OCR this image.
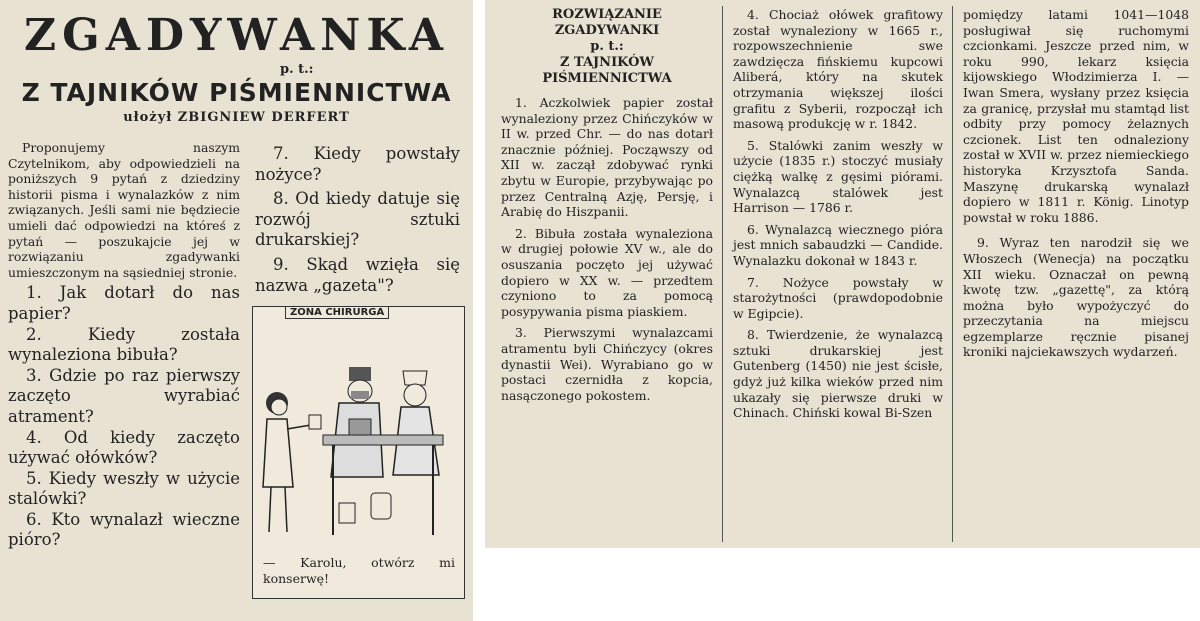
ZGADYWANKA
p. t.:
Z TAJNIKÓW PIŚMIENNICTWA
ułożył ZBIGNIEW DERFERT

Proponujemy naszym Czytelnikom, aby odpowiedzieli na poniższych 9 pytań z dziedziny historii pisma i wynalazków z nim związanych. Jeśli sami nie będziecie umieli dać odpowiedzi na któreś z pytań — poszukajcie jej w rozwiązaniu zgadywanki umieszczonym na sąsiedniej stronie.

1. Jak dotarł do nas papier?

2. Kiedy została wynaleziona bibuła?

3. Gdzie po raz pierwszy zaczęto wyrabiać atrament?

4. Od kiedy zaczęto używać ołówków?

5. Kiedy weszły w użycie stalówki?

6. Kto wynalazł wieczne pióro?

7. Kiedy powstały nożyce?

8. Od kiedy datuje się rozwój sztuki drukarskiej?

9. Skąd wzięła się nazwa „gazeta"?

ŻONA CHIRURGA
— Karolu, otwórz mi konserwę!
ROZWIĄZANIE
ZGADYWANKI
p. t.:
Z TAJNIKÓW
PIŚMIENNICTWA

1. Aczkolwiek papier został wynaleziony przez Chińczyków w II w. przed Chr. — do nas dotarł znacznie później. Począwszy od XII w. zaczął zdobywać rynki zbytu w Europie, przybywając po przez Centralną Azję, Persję, i Arabię do Hiszpanii.

2. Bibuła została wynaleziona w drugiej połowie XV w., ale do osuszania poczęto jej używać dopiero w XX w. — przedtem czyniono to za pomocą posypywania pisma piaskiem.

3. Pierwszymi wynalazcami atramentu byli Chińczycy (okres dynastii Wei). Wyrabiano go w postaci czernidła z kopcia, nasączonego pokostem.

4. Chociaż ołówek grafitowy został wynaleziony w 1665 r., rozpowszechnienie swe zawdzięcza fińskiemu kupcowi Aliberá, który na skutek otrzymania większej ilości grafitu z Syberii, rozpoczął ich masową produkcję w r. 1842.

5. Stalówki zanim weszły w użycie (1835 r.) stoczyć musiały ciężką walkę z gęsimi piórami. Wynalazcą stalówek jest Harrison — 1786 r.

6. Wynalazcą wiecznego pióra jest mnich sabaudzki — Candide. Wynalazku dokonał w 1843 r.

7. Nożyce powstały w starożytności (prawdopodobnie w Egipcie).

8. Twierdzenie, że wynalazcą sztuki drukarskiej jest Gutenberg (1450) nie jest ścisłe, gdyż już kilka wieków przed nim ukazały się pierwsze druki w Chinach. Chiński kowal Bi-Szen

pomiędzy latami 1041—1048 posługiwał się ruchomymi czcionkami. Jeszcze przed nim, w roku 990, lekarz księcia kijowskiego Włodzimierza I. — Iwan Smera, wysłany przez księcia za granicę, przysłał mu stamtąd list odbity przy pomocy żelaznych czcionek. List ten odnaleziony został w XVII w. przez niemieckiego historyka Krzysztofa Sanda. Maszynę drukarską wynalazł dopiero w 1811 r. König. Linotyp powstał w roku 1886.

9. Wyraz ten narodził się we Włoszech (Wenecja) na początku XII wieku. Oznaczał on pewną kwotę tzw. „gazettę", za którą można było wypożyczyć do przeczytania na miejscu egzemplarze ręcznie pisanej kroniki najciekawszych wydarzeń.
